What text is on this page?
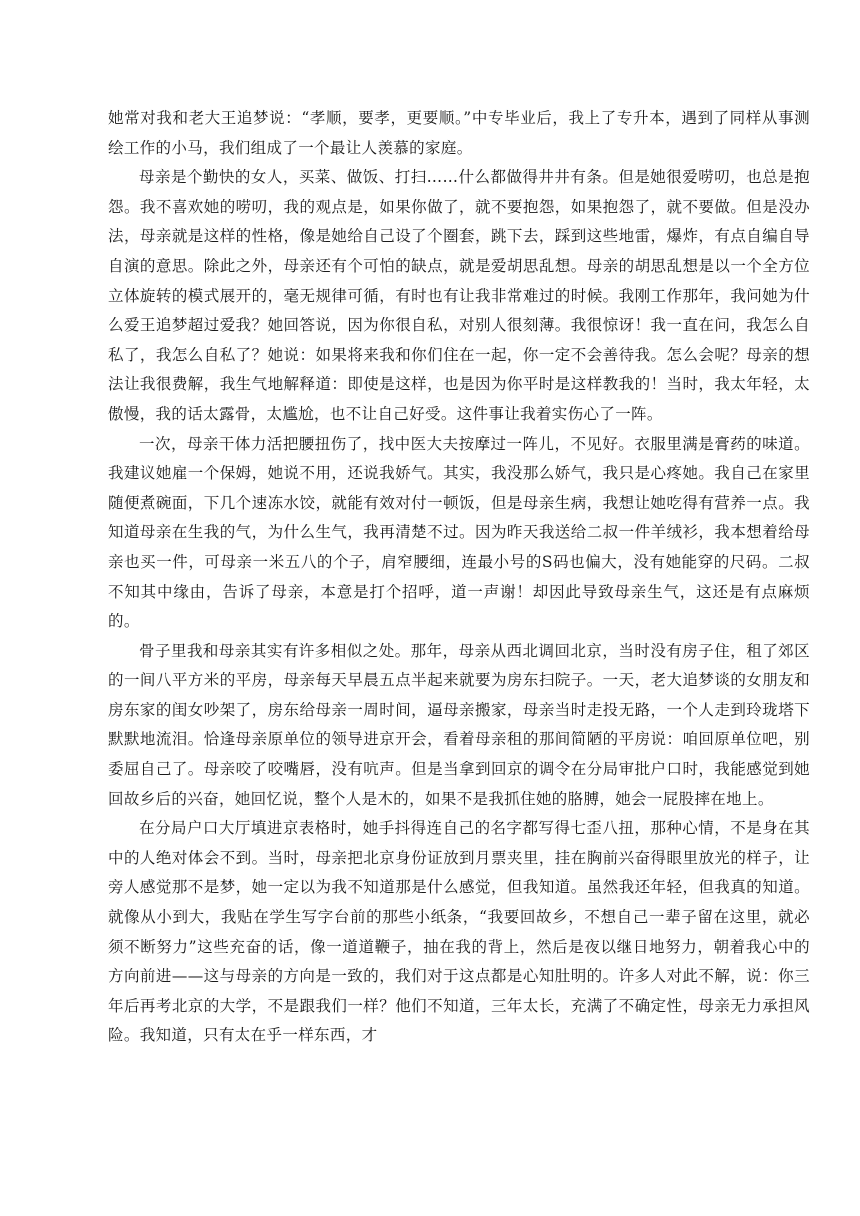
她常对我和老大王追梦说：“孝顺，要孝，更要顺。”中专毕业后，我上了专升本，遇到了同样从事测绘工作的小马，我们组成了一个最让人羡慕的家庭。

母亲是个勤快的女人，买菜、做饭、打扫……什么都做得井井有条。但是她很爱唠叨，也总是抱怨。我不喜欢她的唠叨，我的观点是，如果你做了，就不要抱怨，如果抱怨了，就不要做。但是没办法，母亲就是这样的性格，像是她给自己设了个圈套，跳下去，踩到这些地雷，爆炸，有点自编自导自演的意思。除此之外，母亲还有个可怕的缺点，就是爱胡思乱想。母亲的胡思乱想是以一个全方位立体旋转的模式展开的，毫无规律可循，有时也有让我非常难过的时候。我刚工作那年，我问她为什么爱王追梦超过爱我？她回答说，因为你很自私，对别人很刻薄。我很惊讶！我一直在问，我怎么自私了，我怎么自私了？她说：如果将来我和你们住在一起，你一定不会善待我。怎么会呢？母亲的想法让我很费解，我生气地解释道：即使是这样，也是因为你平时是这样教我的！当时，我太年轻，太傲慢，我的话太露骨，太尴尬，也不让自己好受。这件事让我着实伤心了一阵。

一次，母亲干体力活把腰扭伤了，找中医大夫按摩过一阵儿，不见好。衣服里满是膏药的味道。我建议她雇一个保姆，她说不用，还说我娇气。其实，我没那么娇气，我只是心疼她。我自己在家里随便煮碗面，下几个速冻水饺，就能有效对付一顿饭，但是母亲生病，我想让她吃得有营养一点。我知道母亲在生我的气，为什么生气，我再清楚不过。因为昨天我送给二叔一件羊绒衫，我本想着给母亲也买一件，可母亲一米五八的个子，肩窄腰细，连最小号的S码也偏大，没有她能穿的尺码。二叔不知其中缘由，告诉了母亲，本意是打个招呼，道一声谢！却因此导致母亲生气，这还是有点麻烦的。

骨子里我和母亲其实有许多相似之处。那年，母亲从西北调回北京，当时没有房子住，租了郊区的一间八平方米的平房，母亲每天早晨五点半起来就要为房东扫院子。一天，老大追梦谈的女朋友和房东家的闺女吵架了，房东给母亲一周时间，逼母亲搬家，母亲当时走投无路，一个人走到玲珑塔下默默地流泪。恰逢母亲原单位的领导进京开会，看着母亲租的那间简陋的平房说：咱回原单位吧，别委屈自己了。母亲咬了咬嘴唇，没有吭声。但是当拿到回京的调令在分局审批户口时，我能感觉到她回故乡后的兴奋，她回忆说，整个人是木的，如果不是我抓住她的胳膊，她会一屁股摔在地上。

在分局户口大厅填进京表格时，她手抖得连自己的名字都写得七歪八扭，那种心情，不是身在其中的人绝对体会不到。当时，母亲把北京身份证放到月票夹里，挂在胸前兴奋得眼里放光的样子，让旁人感觉那不是梦，她一定以为我不知道那是什么感觉，但我知道。虽然我还年轻，但我真的知道。就像从小到大，我贴在学生写字台前的那些小纸条，“我要回故乡，不想自己一辈子留在这里，就必须不断努力”这些充奋的话，像一道道鞭子，抽在我的背上，然后是夜以继日地努力，朝着我心中的方向前进——这与母亲的方向是一致的，我们对于这点都是心知肚明的。许多人对此不解，说：你三年后再考北京的大学，不是跟我们一样？他们不知道，三年太长，充满了不确定性，母亲无力承担风险。我知道，只有太在乎一样东西，才
